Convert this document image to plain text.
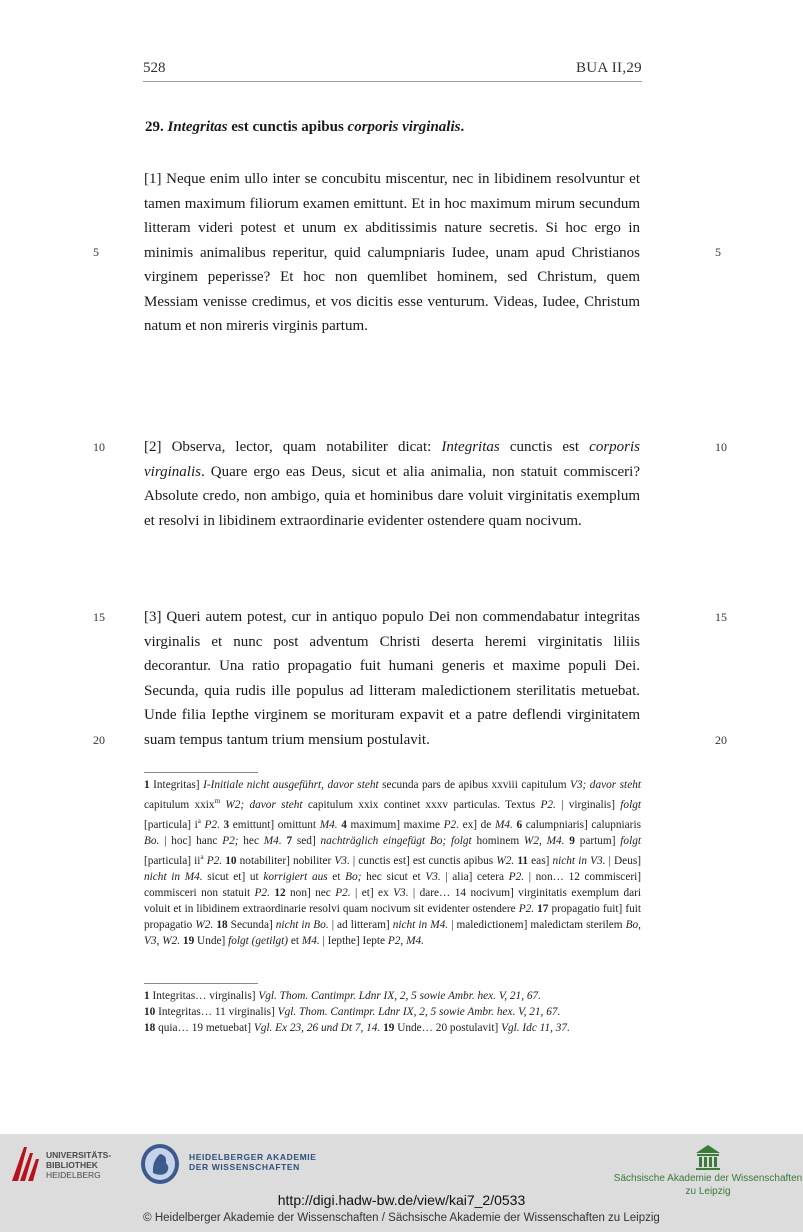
528	BUA II,29
29. Integritas est cunctis apibus corporis virginalis.
[1] Neque enim ullo inter se concubitu miscentur, nec in libidinem resolvuntur et tamen maximum filiorum examen emittunt. Et in hoc maximum mirum secundum litteram videri potest et unum ex abditissimis nature secretis. Si hoc ergo in minimis animalibus reperitur, quid calumpniaris Iudee, unam apud Christianos virginem peperisse? Et hoc non quemlibet hominem, sed Christum, quem Messiam venisse credimus, et vos dicitis esse venturum. Videas, Iudee, Christum natum et non mireris virginis partum.
[2] Observa, lector, quam notabiliter dicat: Integritas cunctis est corporis virginalis. Quare ergo eas Deus, sicut et alia animalia, non statuit commisceri? Absolute credo, non ambigo, quia et hominibus dare voluit virginitatis exemplum et resolvi in libidinem extraordinarie evidenter ostendere quam nocivum.
[3] Queri autem potest, cur in antiquo populo Dei non commendabatur integritas virginalis et nunc post adventum Christi deserta heremi virginitatis liliis decorantur. Una ratio propagatio fuit humani generis et maxime populi Dei. Secunda, quia rudis ille populus ad litteram maledictionem sterilitatis metuebat. Unde filia Iepthe virginem se morituram expavit et a patre deflendi virginitatem suam tempus tantum trium mensium postulavit.
5	5
10	10
15	15
20	20

1 Integritas] I-Initiale nicht ausgeführt, davor steht secunda pars de apibus xxviii capitulum V3; davor steht capitulum xxix$^m$ W2; davor steht capitulum xxix continet xxxv particulas. Textus P2. | virginalis] folgt [particula] $i^a$ P2. 3 emittunt] omittunt M4. 4 maximum] maxime P2. ex] de M4. 6 calumpniaris] calupniaris Bo. | hoc] hanc P2; hec M4. 7 sed] nachträglich eingefügt Bo; folgt hominem W2, M4. 9 partum] folgt [particula] $ii^a$ P2. 10 notabiliter] nobiliter V3. | cunctis est] est cunctis apibus W2. 11 eas] nicht in V3. | Deus] nicht in M4. sicut et] ut korrigiert aus et Bo; hec sicut et V3. | alia] cetera P2. | non… 12 commisceri] commisceri non statuit P2. 12 non] nec P2. | et] ex V3. | dare… 14 nocivum] virginitatis exemplum dari voluit et in libidinem extraordinarie resolvi quam nocivum sit evidenter ostendere P2. 17 propagatio fuit] fuit propagatio W2. 18 Secunda] nicht in Bo. | ad litteram] nicht in M4. | maledictionem] maledictam sterilem Bo, V3, W2. 19 Unde] folgt (getilgt) et M4. | Iepthe] Iepte P2, M4.

1 Integritas… virginalis] Vgl. Thom. Cantimpr. Ldnr IX, 2, 5 sowie Ambr. hex. V, 21, 67.
10 Integritas… 11 virginalis] Vgl. Thom. Cantimpr. Ldnr IX, 2, 5 sowie Ambr. hex. V, 21, 67.
18 quia… 19 metuebat] Vgl. Ex 23, 26 und Dt 7, 14. 19 Unde… 20 postulavit] Vgl. Idc 11, 37.

UNIVERSITÄTS-
BIBLIOTHEK
HEIDELBERG
HEIDELBERGER AKADEMIE
DER WISSENSCHAFTEN
Sächsische Akademie der Wissenschaften
zu Leipzig
http://digi.hadw-bw.de/view/kai7_2/0533
© Heidelberger Akademie der Wissenschaften / Sächsische Akademie der Wissenschaften zu Leipzig
